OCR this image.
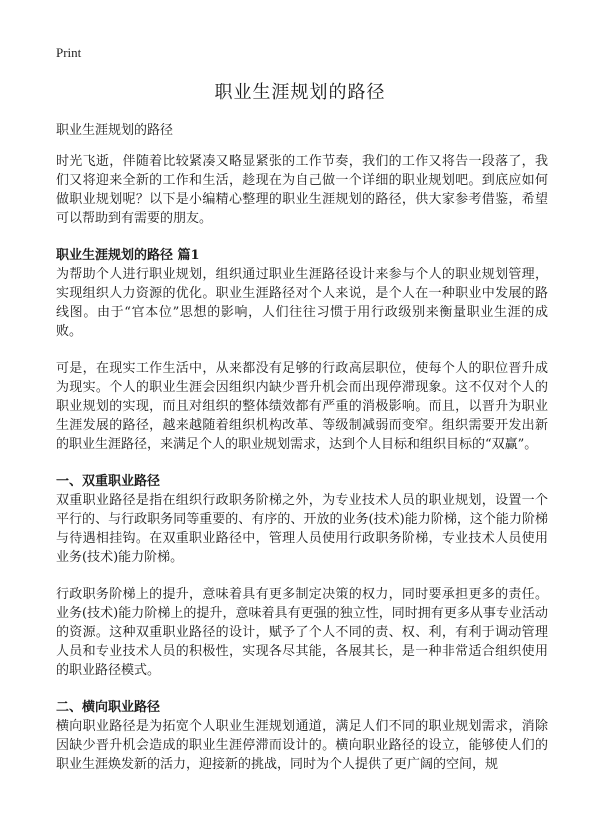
Print
职业生涯规划的路径

职业生涯规划的路径

时光飞逝，伴随着比较紧凑又略显紧张的工作节奏，我们的工作又将告一段落了，我们又将迎来全新的工作和生活，趁现在为自己做一个详细的职业规划吧。到底应如何做职业规划呢？以下是小编精心整理的职业生涯规划的路径，供大家参考借鉴，希望可以帮助到有需要的朋友。

职业生涯规划的路径 篇1

为帮助个人进行职业规划，组织通过职业生涯路径设计来参与个人的职业规划管理，实现组织人力资源的优化。职业生涯路径对个人来说，是个人在一种职业中发展的路线图。由于“官本位”思想的影响，人们往往习惯于用行政级别来衡量职业生涯的成败。

可是，在现实工作生活中，从来都没有足够的行政高层职位，使每个人的职位晋升成为现实。个人的职业生涯会因组织内缺少晋升机会而出现停滞现象。这不仅对个人的职业规划的实现，而且对组织的整体绩效都有严重的消极影响。而且，以晋升为职业生涯发展的路径，越来越随着组织机构改革、等级制减弱而变窄。组织需要开发出新的职业生涯路径，来满足个人的职业规划需求，达到个人目标和组织目标的“双赢”。

一、双重职业路径

双重职业路径是指在组织行政职务阶梯之外，为专业技术人员的职业规划，设置一个平行的、与行政职务同等重要的、有序的、开放的业务(技术)能力阶梯，这个能力阶梯与待遇相挂钩。在双重职业路径中，管理人员使用行政职务阶梯，专业技术人员使用业务(技术)能力阶梯。

行政职务阶梯上的提升，意味着具有更多制定决策的权力，同时要承担更多的责任。业务(技术)能力阶梯上的提升，意味着具有更强的独立性，同时拥有更多从事专业活动的资源。这种双重职业路径的设计，赋予了个人不同的责、权、利，有利于调动管理人员和专业技术人员的积极性，实现各尽其能，各展其长，是一种非常适合组织使用的职业路径模式。

二、横向职业路径

横向职业路径是为拓宽个人职业生涯规划通道，满足人们不同的职业规划需求，消除因缺少晋升机会造成的职业生涯停滞而设计的。横向职业路径的设立，能够使人们的职业生涯焕发新的活力，迎接新的挑战，同时为个人提供了更广阔的空间，规
